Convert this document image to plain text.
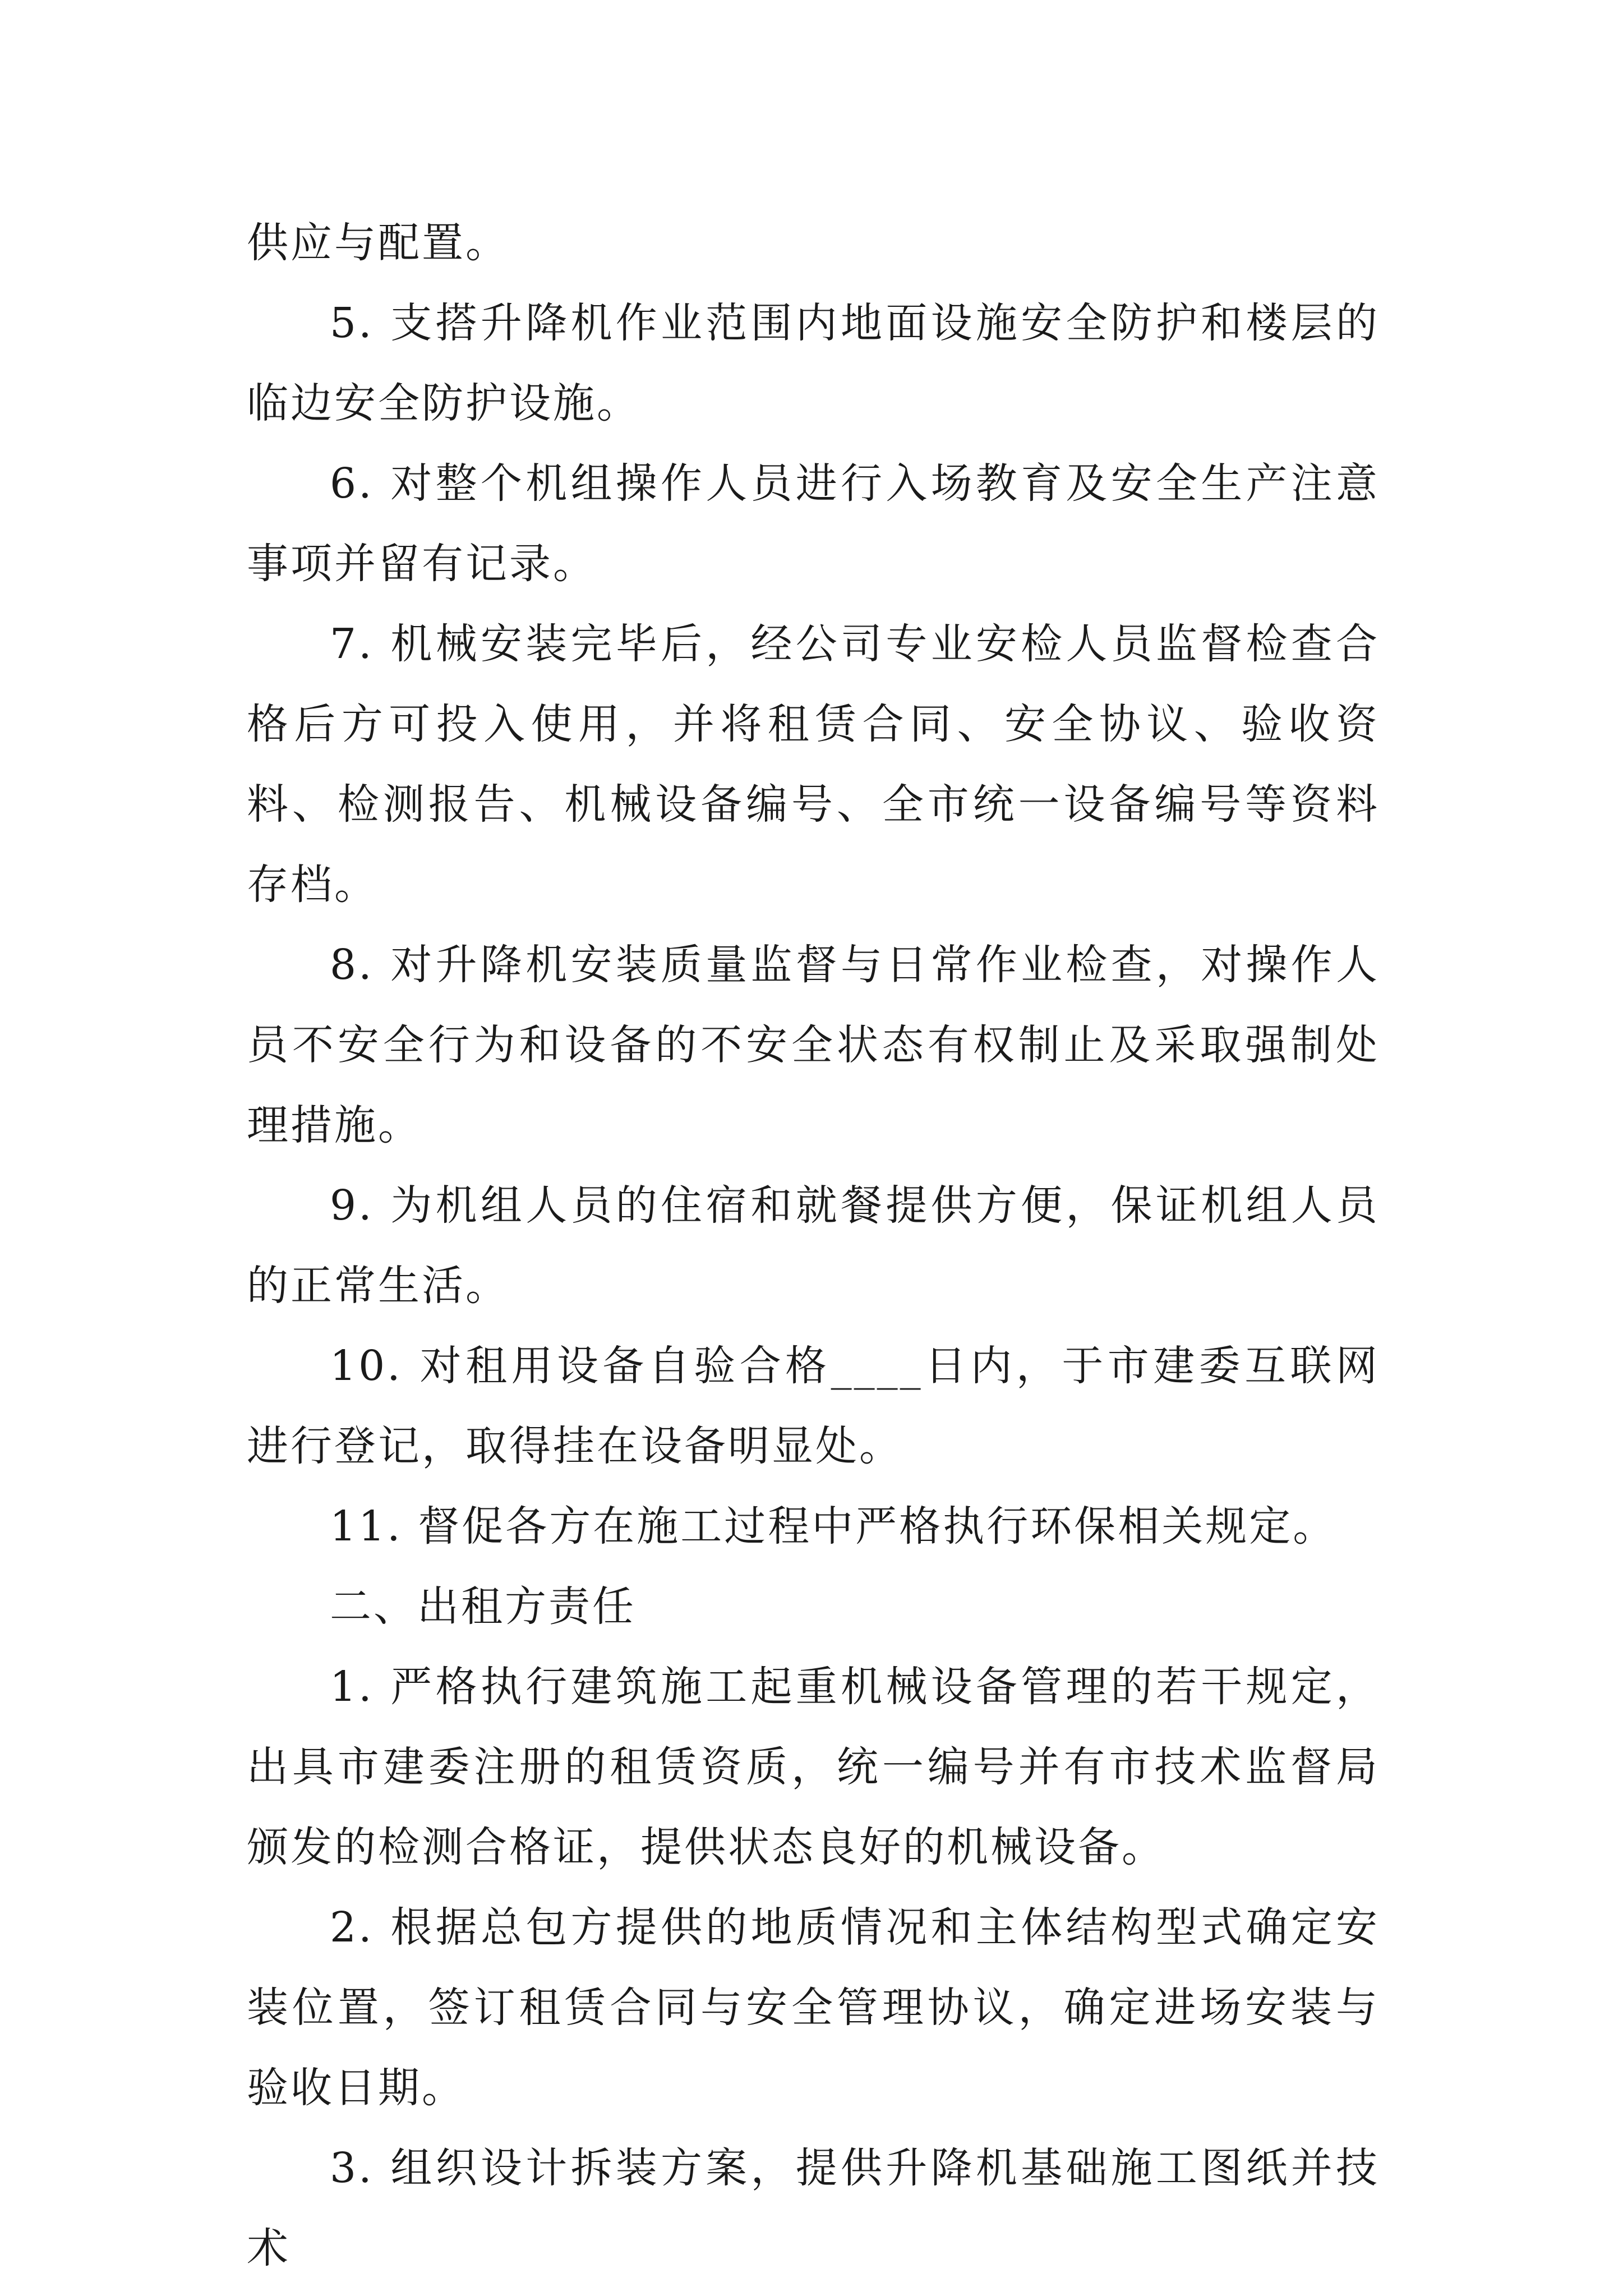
供应与配置。

5. 支搭升降机作业范围内地面设施安全防护和楼层的临边安全防护设施。

6. 对整个机组操作人员进行入场教育及安全生产注意事项并留有记录。

7. 机械安装完毕后，经公司专业安检人员监督检查合格后方可投入使用，并将租赁合同、安全协议、验收资料、检测报告、机械设备编号、全市统一设备编号等资料存档。

8. 对升降机安装质量监督与日常作业检查，对操作人员不安全行为和设备的不安全状态有权制止及采取强制处理措施。

9. 为机组人员的住宿和就餐提供方便，保证机组人员的正常生活。

10. 对租用设备自验合格____日内，于市建委互联网进行登记，取得挂在设备明显处。

11. 督促各方在施工过程中严格执行环保相关规定。

二、出租方责任

1. 严格执行建筑施工起重机械设备管理的若干规定，出具市建委注册的租赁资质，统一编号并有市技术监督局颁发的检测合格证，提供状态良好的机械设备。

2. 根据总包方提供的地质情况和主体结构型式确定安装位置，签订租赁合同与安全管理协议，确定进场安装与验收日期。

3. 组织设计拆装方案，提供升降机基础施工图纸并技术
